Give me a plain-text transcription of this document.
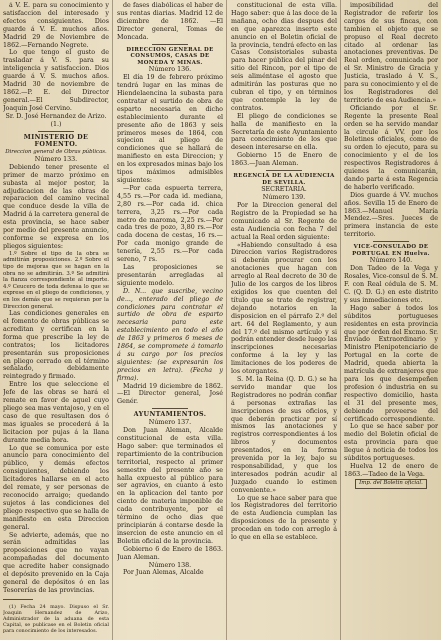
á V. E. para su conocimiento y satisfaccion del interesado y efectos consiguientes. Dios guarde á V. E. muchos años. Madrid 29 de Noviembre de 1862.—Fernando Negrete.

Lo que tengo el gusto de trasladar á V. S. para su inteligencia y satisfaccion. Dios guarde á V. S. muchos años. Madrid 30 de noviembre de 1862.—P. E. del Director general.—El Subdirector, Joaquin José Cervino.

Sr. D. José Hernandez de Arizo. (1.)

MINISTERIO DE FOMENTO.

Direccion general de Obras públicas.

Número 133.

Debiendo tener presente el primer de marzo próximo en subasta al mejor postor, la adjudicacion de las obras de reparacion del camino vecinal que conduce desde la villa de Madrid á la carretera general de esta provincia, se hace saber por medio del presente anuncio, conforme se expresa en los pliegos siguientes:

1.º Sobre el tipo de la obra se admitirán proposiciones. 2.º Sobre el tipo de mejoras que se hagan en la obra no se admitirán. 3.º Se admitirá la fianza correspondiente al importe. 4.º Ceucero de toda defensa lo que se exprese en el pliego de condiciones, y en los demás que se requieran por la Direccion general.

Las condiciones generales en el fomento de obras públicas se acreditan y certifican en la forma que prescribe la ley de contratos; los licitadores presentarán sus proposiciones en pliego cerrado en el término señalado, debidamente reintegrado y firmado.

Entre los que seleccione el Jefe de las obras se hará el remate en favor de aquel cuyo pliego sea mas ventajoso, y en el caso de que resultasen dos ó mas iguales se procederá á la licitacion por pujas á la llana durante media hora.

Lo que se comunica por este anuncio para conocimiento del público, y demás efectos consiguientes, debiendo los licitadores hallarse en el acto del remate, y ser personas de reconocido arraigo; quedando sujetos á las condiciones del pliego respectivo que se halla de manifiesto en esta Direccion general.

Se advierte, además, que no serán admitidas las proposiciones que no vayan acompañadas del documento que acredite haber consignado el depósito prevenido en la Caja general de depósitos ó en las Tesorerías de las provincias.

(1) Fecha 24 mayo. Dispuso el Sr. Joaquin Hernandez de Arizo, Administrador de la aduana de esta Capital, se publicase en el Boletin oficial para conocimiento de los interesados.

de fases diabólicas el haber de sus rentas diarias. Madrid 12 de diciembre de 1862. —El Director general, Tomas de Moncada.

DIRECCION GENERAL DE CONSUMOS, CASAS DE MONEDA Y MINAS.

Número 136.

El día 19 de febrero próximo tendrá lugar en las minas de Hiendelaencina la subasta para contratar el surtido de obra de esparto necesaria en dicho establecimiento durante el presente año de 1863 y seis primeros meses de 1864, con sujecion al pliego de condiciones que se hallará de manifiesto en esta Direccion; y en los expresados minas bajo los tipos máximos admisibles siguientes:

—Por cada espuerta terrera, 4,55 rs.—Por cada id. mediana, 2,80 rs.—Por cada id. chica terrera, 3,25 rs.—Por cada metro de maroma, 2,25 rs.—Por cada tres de pozo, 3,80 rs.—Por cada docena de cestas, 16 rs.—Por cada monigo grande de tenería, 2,55 rs.—Por cada sereno, 7 rs.

Las proposiciones se presentarán arregladas al siguiente modelo.

D. N... que suscribe, vecino de..., enterado del pliego de condiciones para contratar el surtido de obra de esparto necesaria para este establecimiento en todo el año de 1863 y primeros 6 meses de 1864, se compromete á tomarlo á su cargo por los precios siguientes: (se expresarán los precios en letra). (Fecha y firma).

Madrid 19 diciembre de 1862. —El Director general, José Genér.

AYUNTAMIENTOS.

Número 137.

Don Juan Aleman, Alcalde constitucional de esta villa. Hago saber: que terminados el repartimiento de la contribucion territorial, respecto al primer semestre del presente año se halla expuesto al público para ser agravios, en cuanto á esto en la aplicacion del tanto por ciento de materia imponible de cada contribuyente, por el término de ocho dias que principiarán á contarse desde la insercion de este anuncio en el Boletin oficial de la provincia.

Gobierno 6 de Enero de 1863. Juan Aleman.

Número 138.

Por Juan Alemas, Alcalde

constitucional de esta villa. Hago saber: que á las doce de la mañana, ocho dias despues del en que aparezca inserto este anuncio en el Boletin oficial de la provincia, tendrá efecto en las Casas Consistoriales subasta para hacer pública del pinar del sitio del Rincon, por el tipo de seis aliméntase el agosto que admitirán las posturas que no cubran el tipo, y en términos que contemple la ley de contratos.

El pliego de condiciones se halla de manifiesto en la Secretaría de este Ayuntamiento para conocimiento de los que deseen interesarse en ella.

Gobierno 15 de Enero de 1863.—Juan Aleman.

REGENCIA DE LA AUDIENCIA DE SEVILLA.

SECRETARIA.

Número 139.

Por la Direccion general del Registro de la Propiedad se ha comunicado al Sr. Regente de esta Audiencia con fecha 7 del actual la Real orden siguiente:

«Habiendo consultado á esa Direccion varios Registradores si deberán procurar con los anotaciones que hagan con arreglo al Real decreto de 30 de Julio de los cargos de los libros exigidos los que cuenten del título que se trate de registrar, dejando notarios en la disposicion en el párrafo 2.º del art. 64 del Reglamento, y aun del 17.º del mismo artículo y si podrán entender desde luego las inscripciones necesarias conforme á la ley y las limitaciones de los poderes de los otorgantes.

S. M. la Reina (Q. D. G.) se ha servido mandar que los Registradores no podrán confiar á personas extrañas las inscripciones de sus oficios, y que deberán practicar por sí mismos las anotaciones y registros correspondientes á los libros y documentos presentados, en la forma prevenida por la ley, bajo su responsabilidad, y que los interesados podrán acudir al Juzgado cuando lo estimen conveniente.»

Lo que se hace saber para que los Registradores del territorio de esta Audiencia cumplan las disposiciones de la presente y procedan en todo con arreglo á lo que en ella se establece.

imposibilidad del Registrador de referir los cargos de sus fincas, con tambien el objeto que se propuso el Real decreto citado al ordenar las anotaciones preventivas. De Real orden, comunicada por el Sr. Ministro de Gracia y Justicia, traslado á V. S., para su conocimiento y el de los Registradores del territorio de esa Audiencia.»

Oficiando por el Sr. Regente la presente Real orden se ha servido mandar la circule á VV. por los Boletines oficiales, como de su orden lo ejecuto, para su conocimiento y el de los respectivos Registradores á quienes la comunicarán, dando parte á esta Regencia de haberlo verificado.

Dios guarde á VV. muchos años. Sevilla 15 de Enero de 1863.—Manuel María Mendez.—Sres. Jueces de primera instancia de este territorio.

VICE-CONSULADO DE PORTUGAL EN Huelva.

Número 140.

Don Tadeo de la Vega y Rosales, Vice-consul de S. M. F. con Real cédula de S. M. C. (Q. D. G.) en este distrito y sus inmediaciones etc.

Hago saber á todos los súbditos portugueses residentes en esta provincia que por órden del Excmo. Sr. Enviado Extraordinario y Ministro Plenipotenciario de Portugal en la corte de Madrid, queda abierta la matrícula de extranjeros que para los que desempeñen profesion ó industria en su respectivo domicilio, hasta el 31 del presente mes, debiendo proveerse del certificado correspondiente.

Lo que se hace saber por medio del Boletin oficial de esta provincia para que llegue á noticia de todos los súbditos portugueses.

Huelva 12 de enero de 1863.—Tadeo de la Vega.

Imp. del Boletin oficial.
